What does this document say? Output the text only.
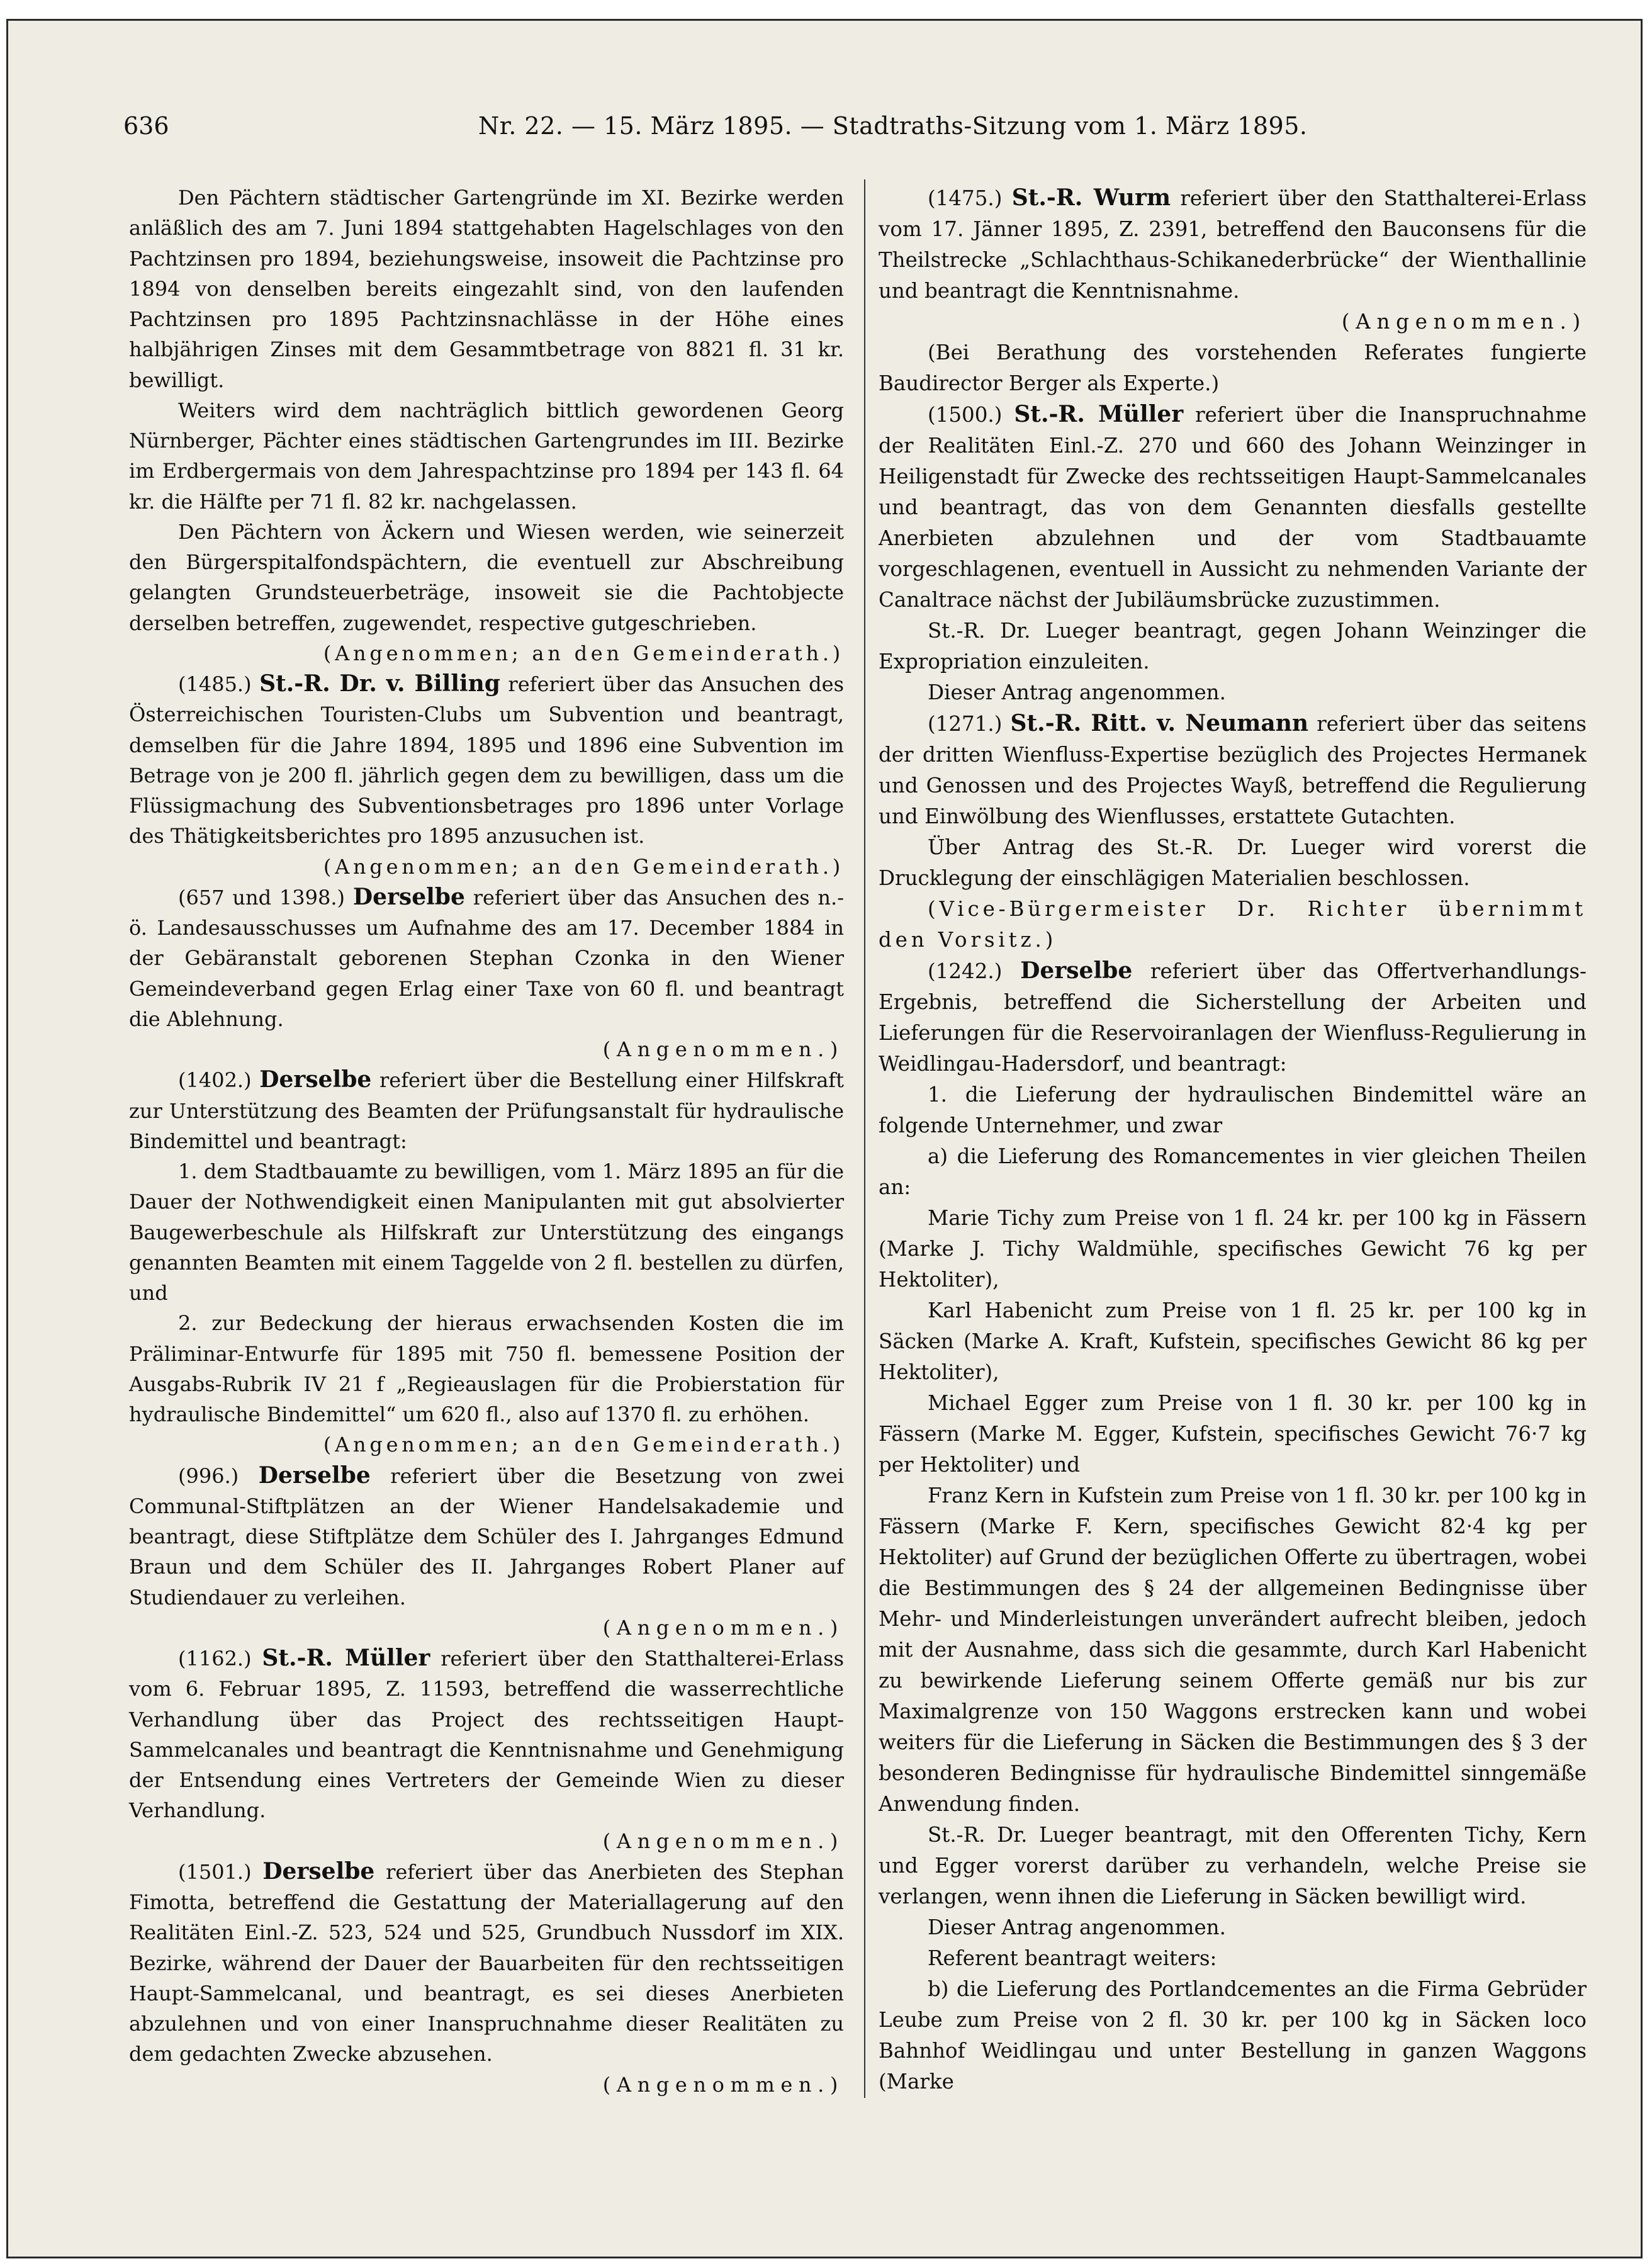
636	Nr. 22. — 15. März 1895. — Stadtraths-Sitzung vom 1. März 1895.

Den Pächtern städtischer Gartengründe im XI. Bezirke werden anläßlich des am 7. Juni 1894 stattgehabten Hagelschlages von den Pachtzinsen pro 1894, beziehungsweise, insoweit die Pachtzinse pro 1894 von denselben bereits eingezahlt sind, von den laufenden Pachtzinsen pro 1895 Pachtzinsnachlässe in der Höhe eines halbjährigen Zinses mit dem Gesammtbetrage von 8821 fl. 31 kr. bewilligt.

Weiters wird dem nachträglich bittlich gewordenen Georg Nürnberger, Pächter eines städtischen Gartengrundes im III. Bezirke im Erdbergermais von dem Jahrespachtzinse pro 1894 per 143 fl. 64 kr. die Hälfte per 71 fl. 82 kr. nachgelassen.

Den Pächtern von Äckern und Wiesen werden, wie seinerzeit den Bürgerspitalfondspächtern, die eventuell zur Abschreibung gelangten Grundsteuerbeträge, insoweit sie die Pachtobjecte derselben betreffen, zugewendet, respective gutgeschrieben.

(Angenommen; an den Gemeinderath.)

(1485.) St.-R. Dr. v. Billing referiert über das Ansuchen des Österreichischen Touristen-Clubs um Subvention und beantragt, demselben für die Jahre 1894, 1895 und 1896 eine Subvention im Betrage von je 200 fl. jährlich gegen dem zu bewilligen, dass um die Flüssigmachung des Subventionsbetrages pro 1896 unter Vorlage des Thätigkeitsberichtes pro 1895 anzusuchen ist.

(Angenommen; an den Gemeinderath.)

(657 und 1398.) Derselbe referiert über das Ansuchen des n.-ö. Landesausschusses um Aufnahme des am 17. December 1884 in der Gebäranstalt geborenen Stephan Czonka in den Wiener Gemeindeverband gegen Erlag einer Taxe von 60 fl. und beantragt die Ablehnung.

(Angenommen.)

(1402.) Derselbe referiert über die Bestellung einer Hilfskraft zur Unterstützung des Beamten der Prüfungsanstalt für hydraulische Bindemittel und beantragt:

1. dem Stadtbauamte zu bewilligen, vom 1. März 1895 an für die Dauer der Nothwendigkeit einen Manipulanten mit gut absolvierter Baugewerbeschule als Hilfskraft zur Unterstützung des eingangs genannten Beamten mit einem Taggelde von 2 fl. bestellen zu dürfen, und

2. zur Bedeckung der hieraus erwachsenden Kosten die im Präliminar-Entwurfe für 1895 mit 750 fl. bemessene Position der Ausgabs-Rubrik IV 21 f „Regieauslagen für die Probierstation für hydraulische Bindemittel“ um 620 fl., also auf 1370 fl. zu erhöhen.

(Angenommen; an den Gemeinderath.)

(996.) Derselbe referiert über die Besetzung von zwei Communal-Stiftplätzen an der Wiener Handelsakademie und beantragt, diese Stiftplätze dem Schüler des I. Jahrganges Edmund Braun und dem Schüler des II. Jahrganges Robert Planer auf Studiendauer zu verleihen.

(Angenommen.)

(1162.) St.-R. Müller referiert über den Statthalterei-Erlass vom 6. Februar 1895, Z. 11593, betreffend die wasserrechtliche Verhandlung über das Project des rechtsseitigen Haupt-Sammelcanales und beantragt die Kenntnisnahme und Genehmigung der Entsendung eines Vertreters der Gemeinde Wien zu dieser Verhandlung.

(Angenommen.)

(1501.) Derselbe referiert über das Anerbieten des Stephan Fimotta, betreffend die Gestattung der Materiallagerung auf den Realitäten Einl.-Z. 523, 524 und 525, Grundbuch Nussdorf im XIX. Bezirke, während der Dauer der Bauarbeiten für den rechtsseitigen Haupt-Sammelcanal, und beantragt, es sei dieses Anerbieten abzulehnen und von einer Inanspruchnahme dieser Realitäten zu dem gedachten Zwecke abzusehen.

(Angenommen.)

(1475.) St.-R. Wurm referiert über den Statthalterei-Erlass vom 17. Jänner 1895, Z. 2391, betreffend den Bauconsens für die Theilstrecke „Schlachthaus-Schikanederbrücke“ der Wienthallinie und beantragt die Kenntnisnahme.

(Angenommen.)

(Bei Berathung des vorstehenden Referates fungierte Baudirector Berger als Experte.)

(1500.) St.-R. Müller referiert über die Inanspruchnahme der Realitäten Einl.-Z. 270 und 660 des Johann Weinzinger in Heiligenstadt für Zwecke des rechtsseitigen Haupt-Sammelcanales und beantragt, das von dem Genannten diesfalls gestellte Anerbieten abzulehnen und der vom Stadtbauamte vorgeschlagenen, eventuell in Aussicht zu nehmenden Variante der Canaltrace nächst der Jubiläumsbrücke zuzustimmen.

St.-R. Dr. Lueger beantragt, gegen Johann Weinzinger die Expropriation einzuleiten.

Dieser Antrag angenommen.

(1271.) St.-R. Ritt. v. Neumann referiert über das seitens der dritten Wienfluss-Expertise bezüglich des Projectes Hermanek und Genossen und des Projectes Wayß, betreffend die Regulierung und Einwölbung des Wienflusses, erstattete Gutachten.

Über Antrag des St.-R. Dr. Lueger wird vorerst die Drucklegung der einschlägigen Materialien beschlossen.

(Vice-Bürgermeister Dr. Richter übernimmt den Vorsitz.)

(1242.) Derselbe referiert über das Offertverhandlungs-Ergebnis, betreffend die Sicherstellung der Arbeiten und Lieferungen für die Reservoiranlagen der Wienfluss-Regulierung in Weidlingau-Hadersdorf, und beantragt:

1. die Lieferung der hydraulischen Bindemittel wäre an folgende Unternehmer, und zwar

a) die Lieferung des Romancementes in vier gleichen Theilen an:

Marie Tichy zum Preise von 1 fl. 24 kr. per 100 kg in Fässern (Marke J. Tichy Waldmühle, specifisches Gewicht 76 kg per Hektoliter),

Karl Habenicht zum Preise von 1 fl. 25 kr. per 100 kg in Säcken (Marke A. Kraft, Kufstein, specifisches Gewicht 86 kg per Hektoliter),

Michael Egger zum Preise von 1 fl. 30 kr. per 100 kg in Fässern (Marke M. Egger, Kufstein, specifisches Gewicht 76·7 kg per Hektoliter) und

Franz Kern in Kufstein zum Preise von 1 fl. 30 kr. per 100 kg in Fässern (Marke F. Kern, specifisches Gewicht 82·4 kg per Hektoliter) auf Grund der bezüglichen Offerte zu übertragen, wobei die Bestimmungen des § 24 der allgemeinen Bedingnisse über Mehr- und Minderleistungen unverändert aufrecht bleiben, jedoch mit der Ausnahme, dass sich die gesammte, durch Karl Habenicht zu bewirkende Lieferung seinem Offerte gemäß nur bis zur Maximalgrenze von 150 Waggons erstrecken kann und wobei weiters für die Lieferung in Säcken die Bestimmungen des § 3 der besonderen Bedingnisse für hydraulische Bindemittel sinngemäße Anwendung finden.

St.-R. Dr. Lueger beantragt, mit den Offerenten Tichy, Kern und Egger vorerst darüber zu verhandeln, welche Preise sie verlangen, wenn ihnen die Lieferung in Säcken bewilligt wird.

Dieser Antrag angenommen.

Referent beantragt weiters:

b) die Lieferung des Portlandcementes an die Firma Gebrüder Leube zum Preise von 2 fl. 30 kr. per 100 kg in Säcken loco Bahnhof Weidlingau und unter Bestellung in ganzen Waggons (Marke
